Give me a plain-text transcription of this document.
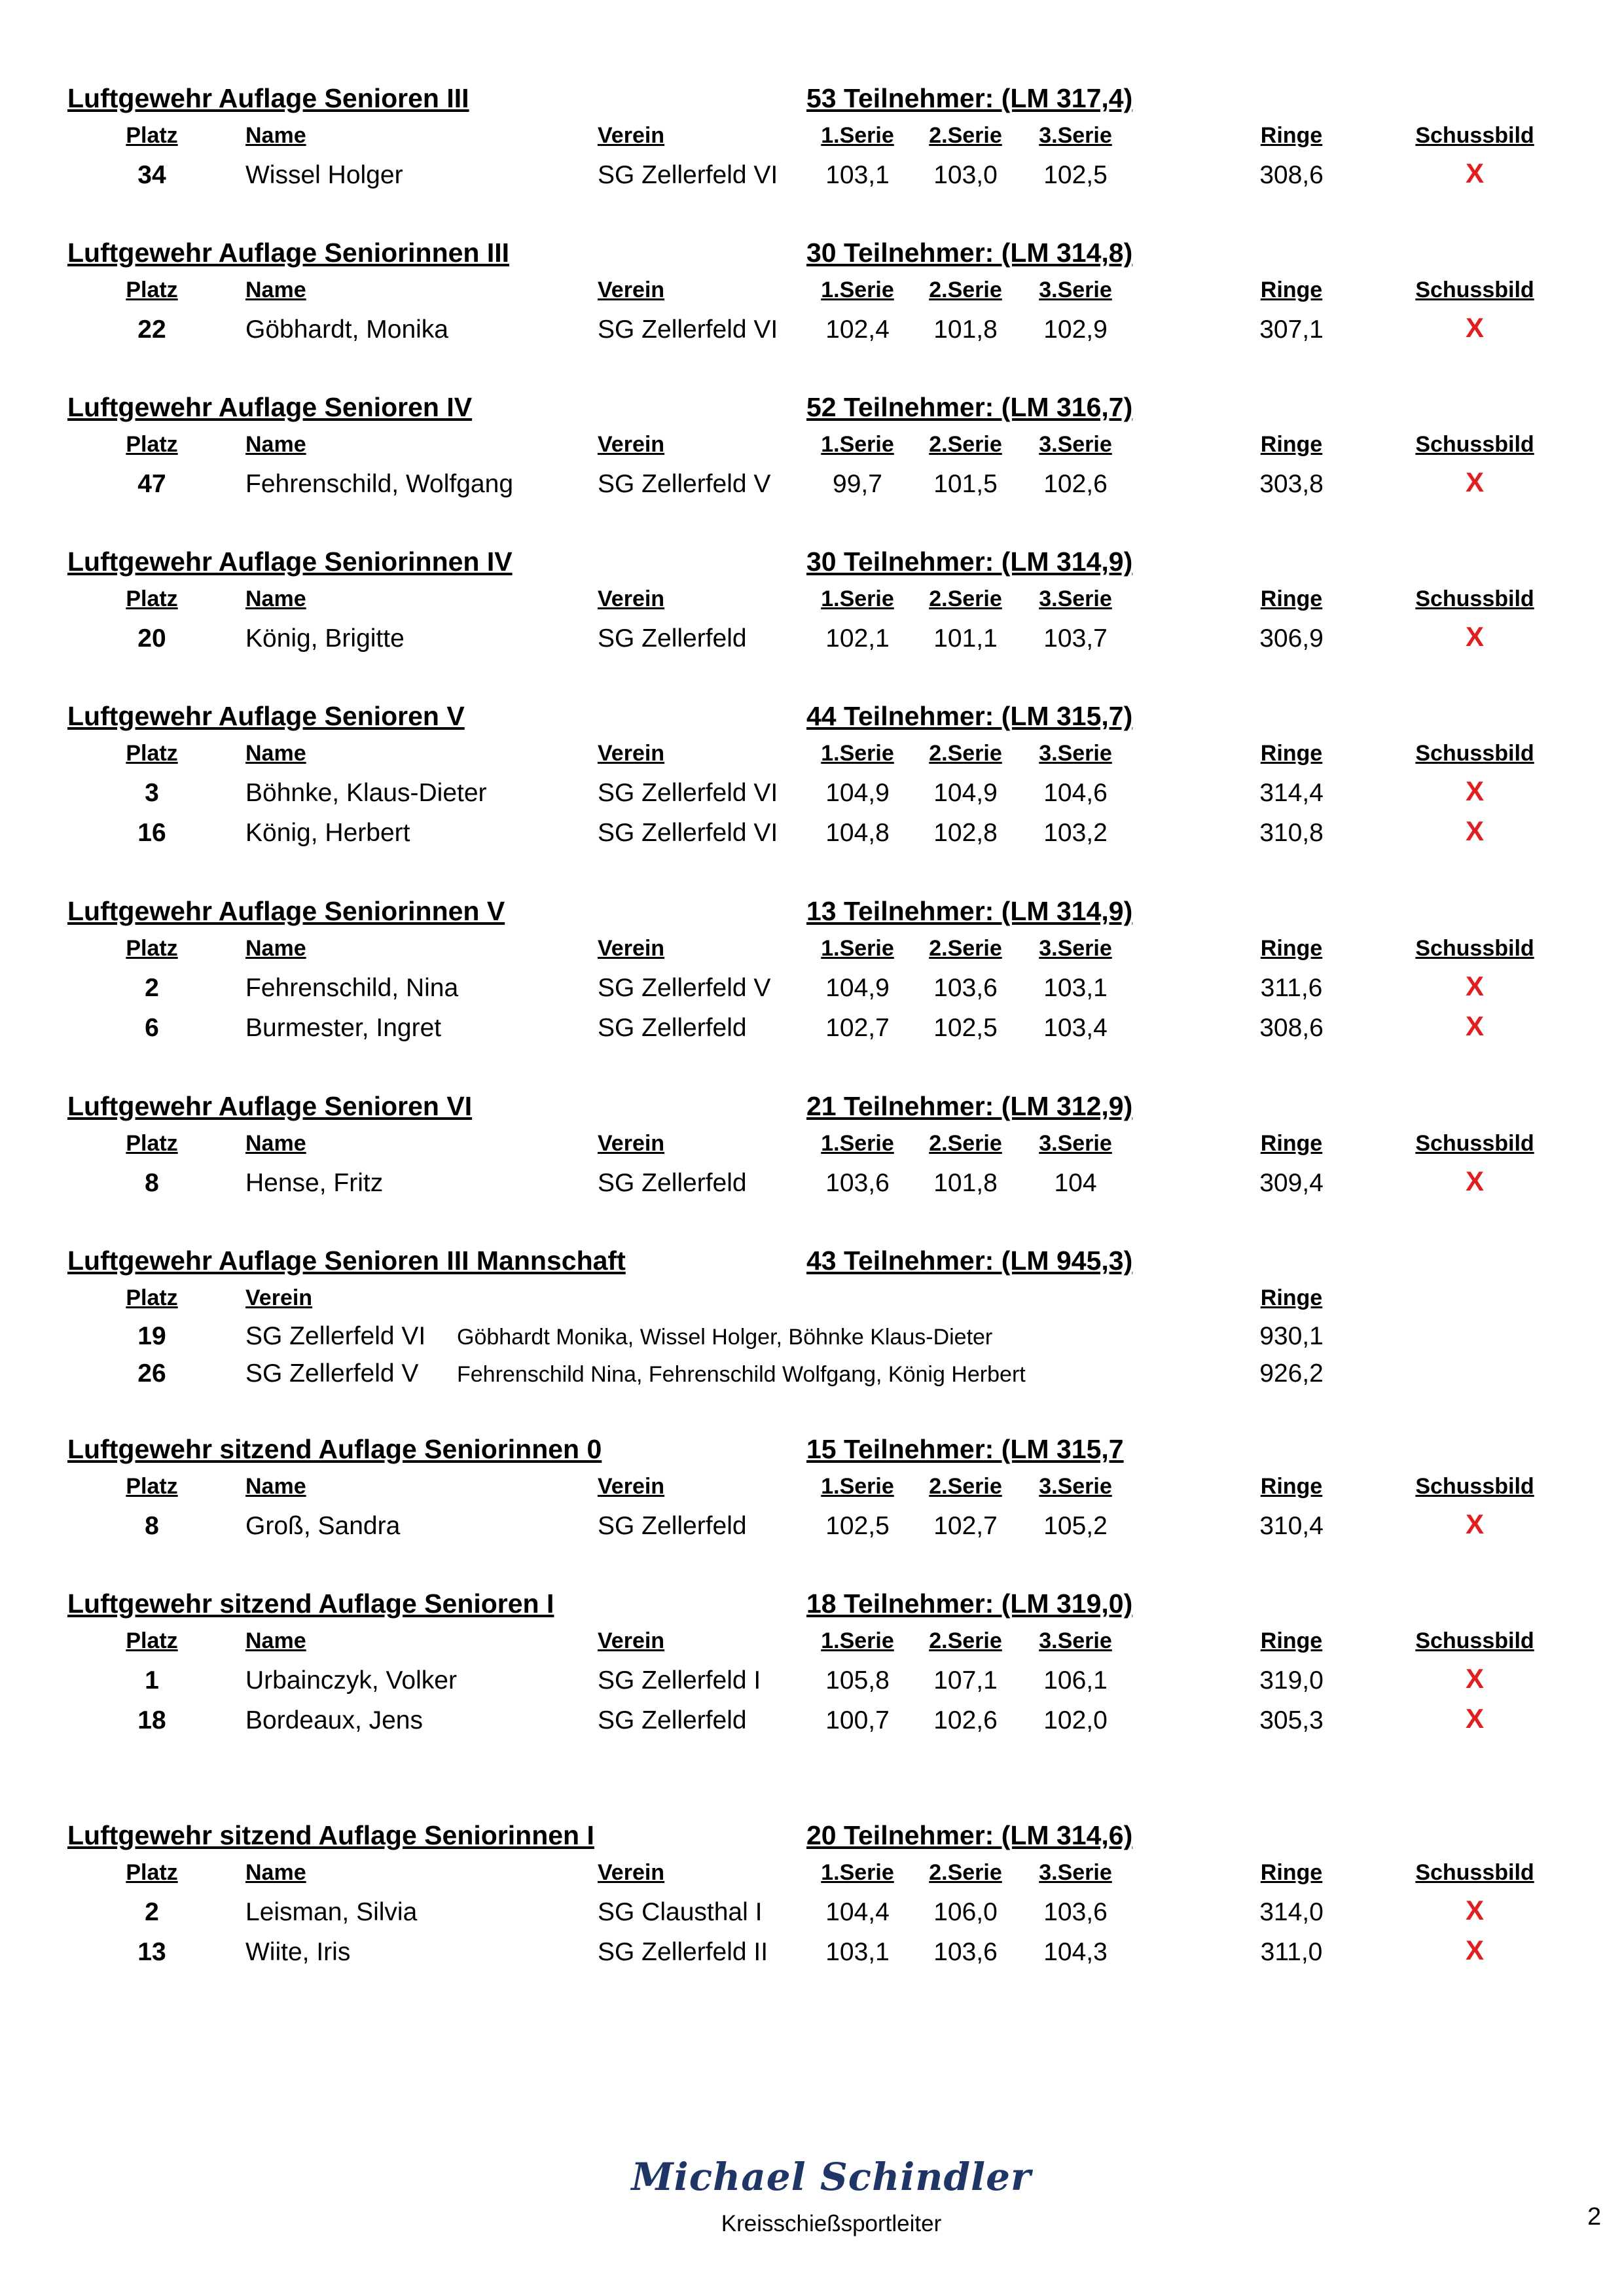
Luftgewehr Auflage Senioren III	53 Teilnehmer: (LM 317,4)
Platz	Name	Verein	1.Serie 2.Serie 3.Serie	Ringe	Schussbild
34	Wissel Holger	SG Zellerfeld VI 103,1 103,0 102,5	308,6	X
Luftgewehr Auflage Seniorinnen III	30 Teilnehmer: (LM 314,8)
Platz	Name	Verein	1.Serie 2.Serie 3.Serie	Ringe	Schussbild
22	Göbhardt, Monika	SG Zellerfeld VI 102,4 101,8 102,9	307,1	X
Luftgewehr Auflage Senioren IV	52 Teilnehmer: (LM 316,7)
Platz	Name	Verein	1.Serie 2.Serie 3.Serie	Ringe	Schussbild
47	Fehrenschild, Wolfgang	SG Zellerfeld V 99,7 101,5 102,6	303,8	X
Luftgewehr Auflage Seniorinnen IV	30 Teilnehmer: (LM 314,9)
Platz	Name	Verein	1.Serie 2.Serie 3.Serie	Ringe	Schussbild
20	König, Brigitte	SG Zellerfeld	102,1 101,1 103,7	306,9	X
Luftgewehr Auflage Senioren V	44 Teilnehmer: (LM 315,7)
Platz	Name	Verein	1.Serie 2.Serie 3.Serie	Ringe	Schussbild
3	Böhnke, Klaus-Dieter	SG Zellerfeld VI 104,9 104,9 104,6	314,4	X
16	König, Herbert	SG Zellerfeld VI 104,8 102,8 103,2	310,8	X
Luftgewehr Auflage Seniorinnen V	13 Teilnehmer: (LM 314,9)
Platz	Name	Verein	1.Serie 2.Serie 3.Serie	Ringe	Schussbild
2	Fehrenschild, Nina	SG Zellerfeld V 104,9 103,6 103,1	311,6	X
6	Burmester, Ingret	SG Zellerfeld	102,7 102,5 103,4	308,6	X
Luftgewehr Auflage Senioren VI	21 Teilnehmer: (LM 312,9)
Platz	Name	Verein	1.Serie 2.Serie 3.Serie	Ringe	Schussbild
8	Hense, Fritz	SG Zellerfeld	103,6 101,8 104	309,4	X
Luftgewehr Auflage Senioren III Mannschaft	43 Teilnehmer: (LM 945,3)
Platz	Verein	Ringe
19	SG Zellerfeld VI Göbhardt Monika, Wissel Holger, Böhnke Klaus-Dieter	930,1
26	SG Zellerfeld V Fehrenschild Nina, Fehrenschild Wolfgang, König Herbert	926,2
Luftgewehr sitzend Auflage Seniorinnen 0	15 Teilnehmer: (LM 315,7
Platz	Name	Verein	1.Serie 2.Serie 3.Serie	Ringe	Schussbild
8	Groß, Sandra	SG Zellerfeld	102,5 102,7 105,2	310,4	X
Luftgewehr sitzend Auflage Senioren I	18 Teilnehmer: (LM 319,0)
Platz	Name	Verein	1.Serie 2.Serie 3.Serie	Ringe	Schussbild
1	Urbainczyk, Volker	SG Zellerfeld I	105,8 107,1 106,1	319,0	X
18	Bordeaux, Jens	SG Zellerfeld	100,7 102,6 102,0	305,3	X
Luftgewehr sitzend Auflage Seniorinnen I	20 Teilnehmer: (LM 314,6)
Platz	Name	Verein	1.Serie 2.Serie 3.Serie	Ringe	Schussbild
2	Leisman, Silvia	SG Clausthal I 104,4 106,0 103,6	314,0	X
13	Wiite, Iris	SG Zellerfeld II 103,1 103,6 104,3	311,0	X
Michael Schindler
Kreisschießsportleiter	2
